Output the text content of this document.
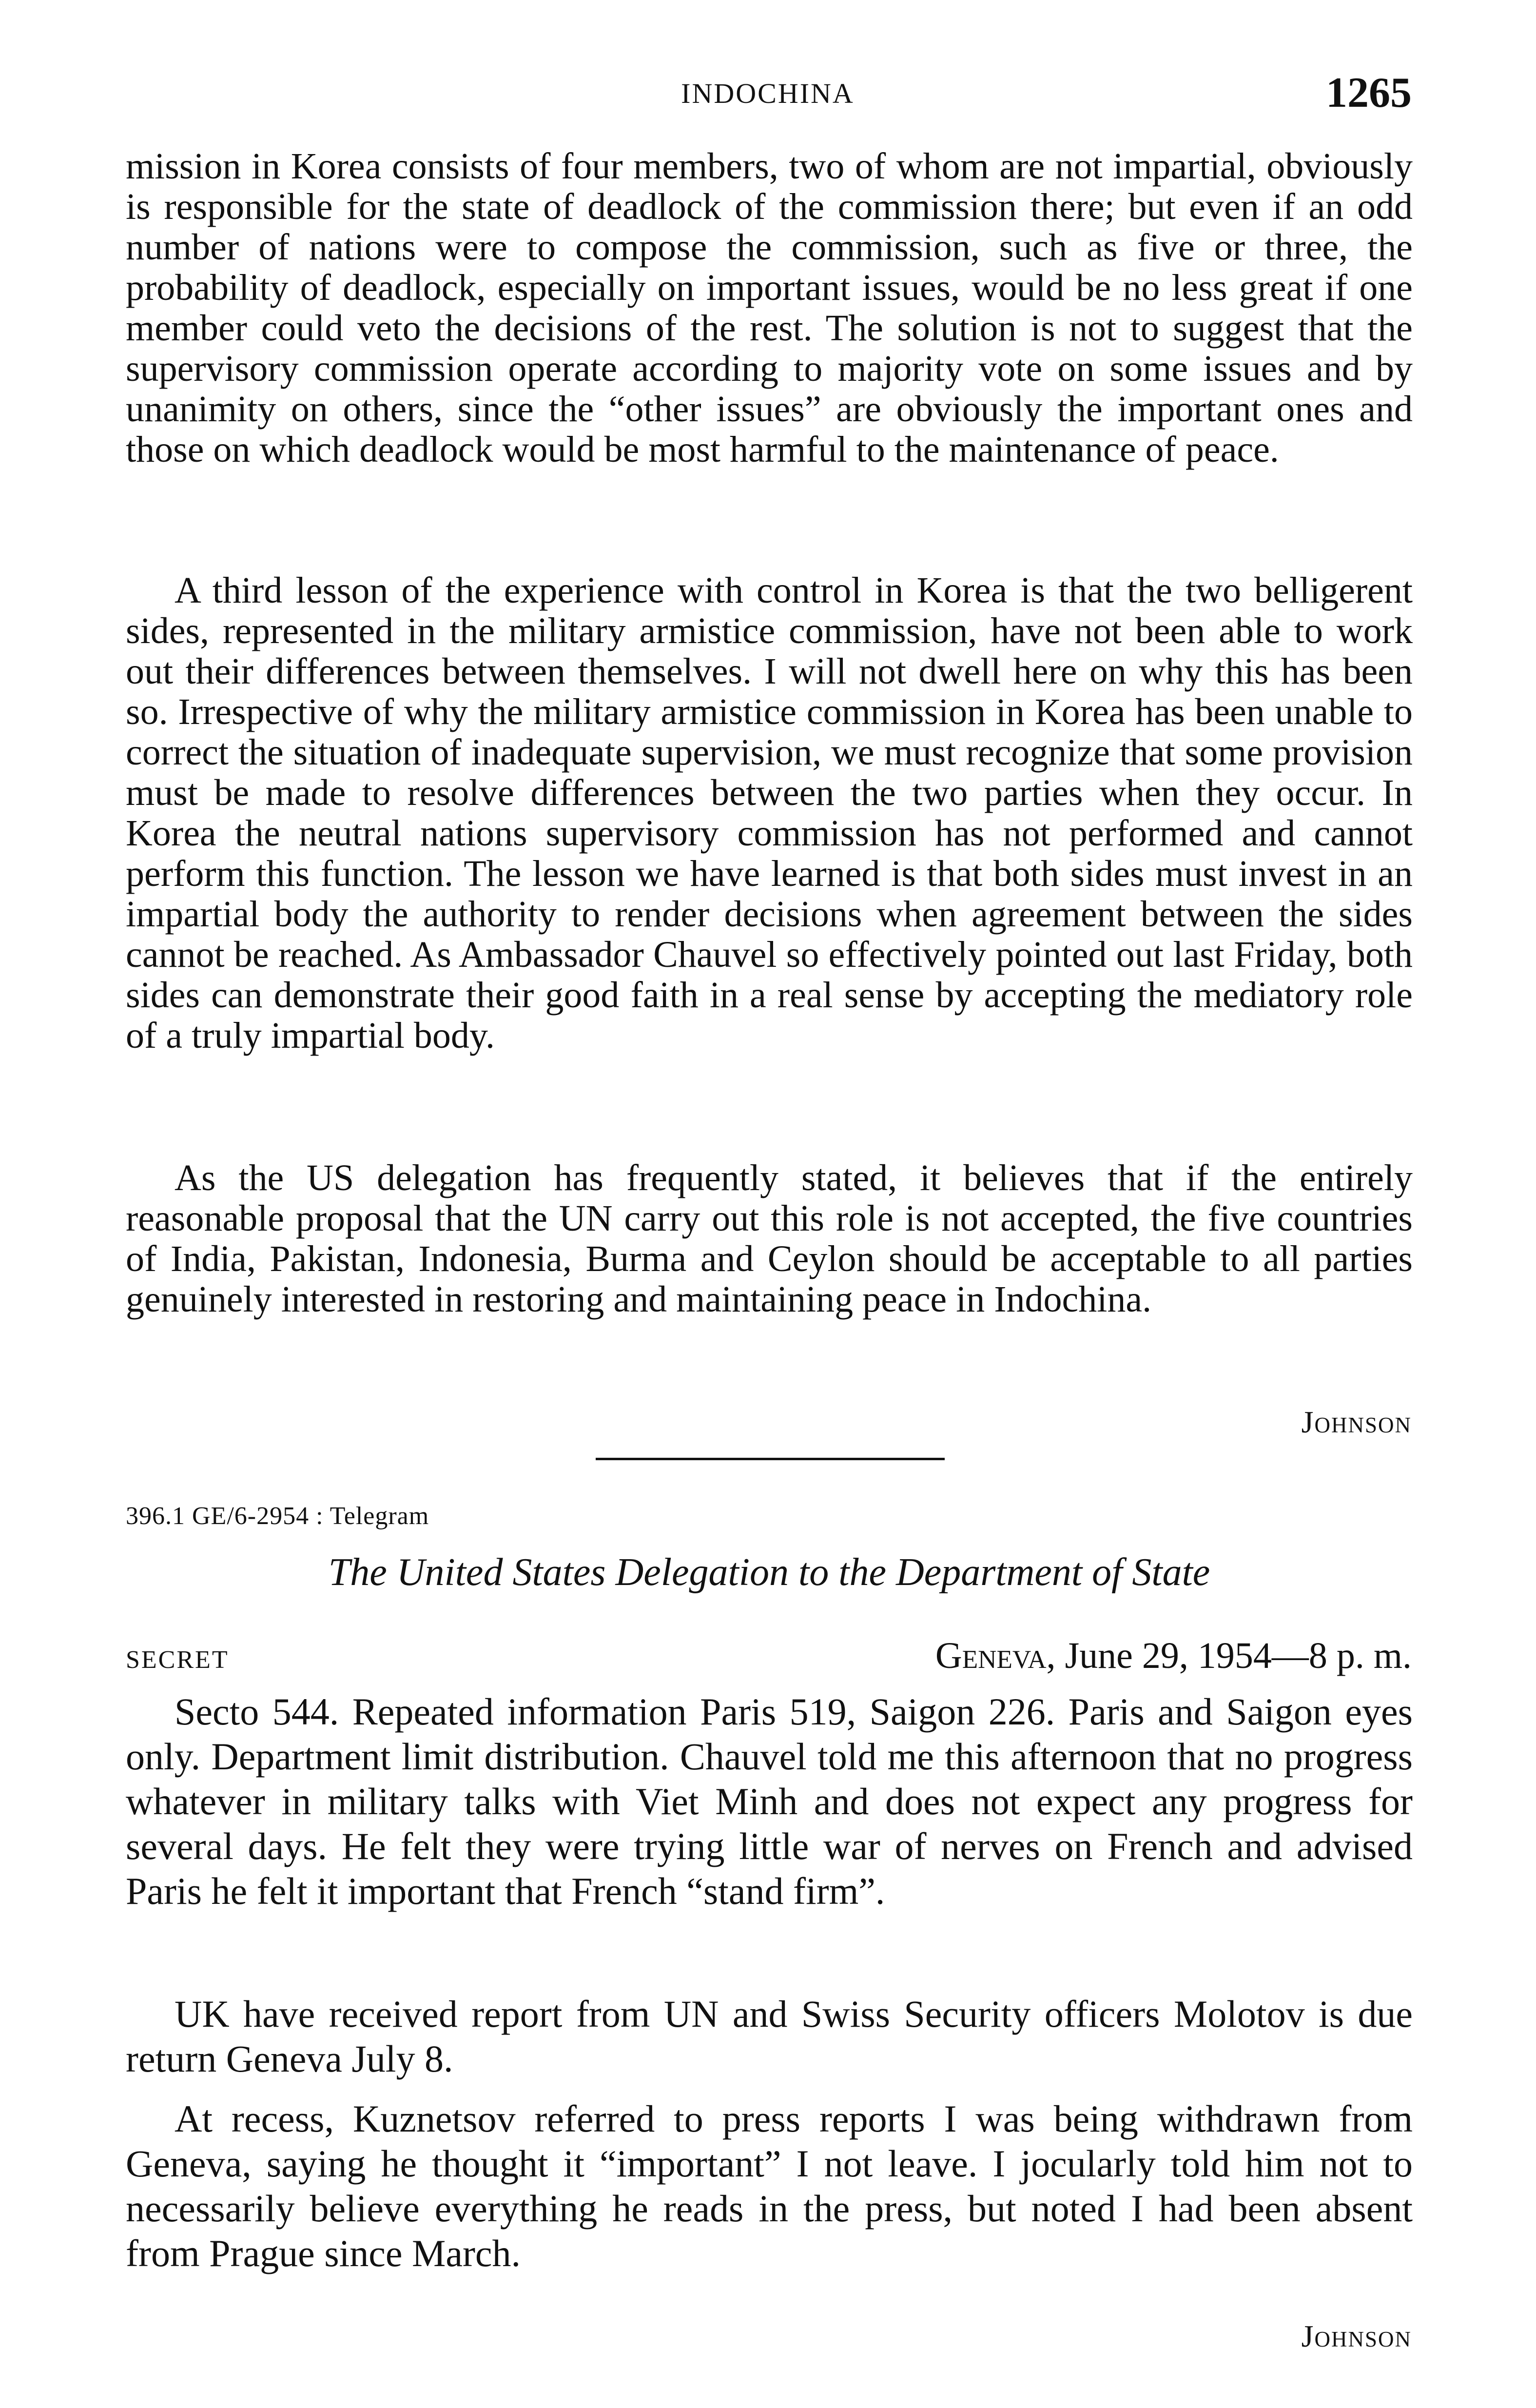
INDOCHINA	1265

mission in Korea consists of four members, two of whom are not impartial, obviously is responsible for the state of deadlock of the commission there; but even if an odd number of nations were to compose the commission, such as five or three, the probability of deadlock, especially on important issues, would be no less great if one member could veto the decisions of the rest. The solution is not to suggest that the supervisory commission operate according to majority vote on some issues and by unanimity on others, since the “other issues” are obviously the important ones and those on which deadlock would be most harmful to the maintenance of peace.

A third lesson of the experience with control in Korea is that the two belligerent sides, represented in the military armistice commission, have not been able to work out their differences between themselves. I will not dwell here on why this has been so. Irrespective of why the military armistice commission in Korea has been unable to correct the situation of inadequate supervision, we must recognize that some provision must be made to resolve differences between the two parties when they occur. In Korea the neutral nations supervisory commission has not performed and cannot perform this function. The lesson we have learned is that both sides must invest in an impartial body the authority to render decisions when agreement between the sides cannot be reached. As Ambassador Chauvel so effectively pointed out last Friday, both sides can demonstrate their good faith in a real sense by accepting the mediatory role of a truly impartial body.

As the US delegation has frequently stated, it believes that if the entirely reasonable proposal that the UN carry out this role is not accepted, the five countries of India, Pakistan, Indonesia, Burma and Ceylon should be acceptable to all parties genuinely interested in restoring and maintaining peace in Indochina.

Johnson
396.1 GE/6-2954 : Telegram
The United States Delegation to the Department of State
SECRET	Geneva, June 29, 1954—8 p. m.

Secto 544. Repeated information Paris 519, Saigon 226. Paris and Saigon eyes only. Department limit distribution. Chauvel told me this afternoon that no progress whatever in military talks with Viet Minh and does not expect any progress for several days. He felt they were trying little war of nerves on French and advised Paris he felt it important that French “stand firm”.

UK have received report from UN and Swiss Security officers Molotov is due return Geneva July 8.

At recess, Kuznetsov referred to press reports I was being withdrawn from Geneva, saying he thought it “important” I not leave. I jocularly told him not to necessarily believe everything he reads in the press, but noted I had been absent from Prague since March.

Johnson
